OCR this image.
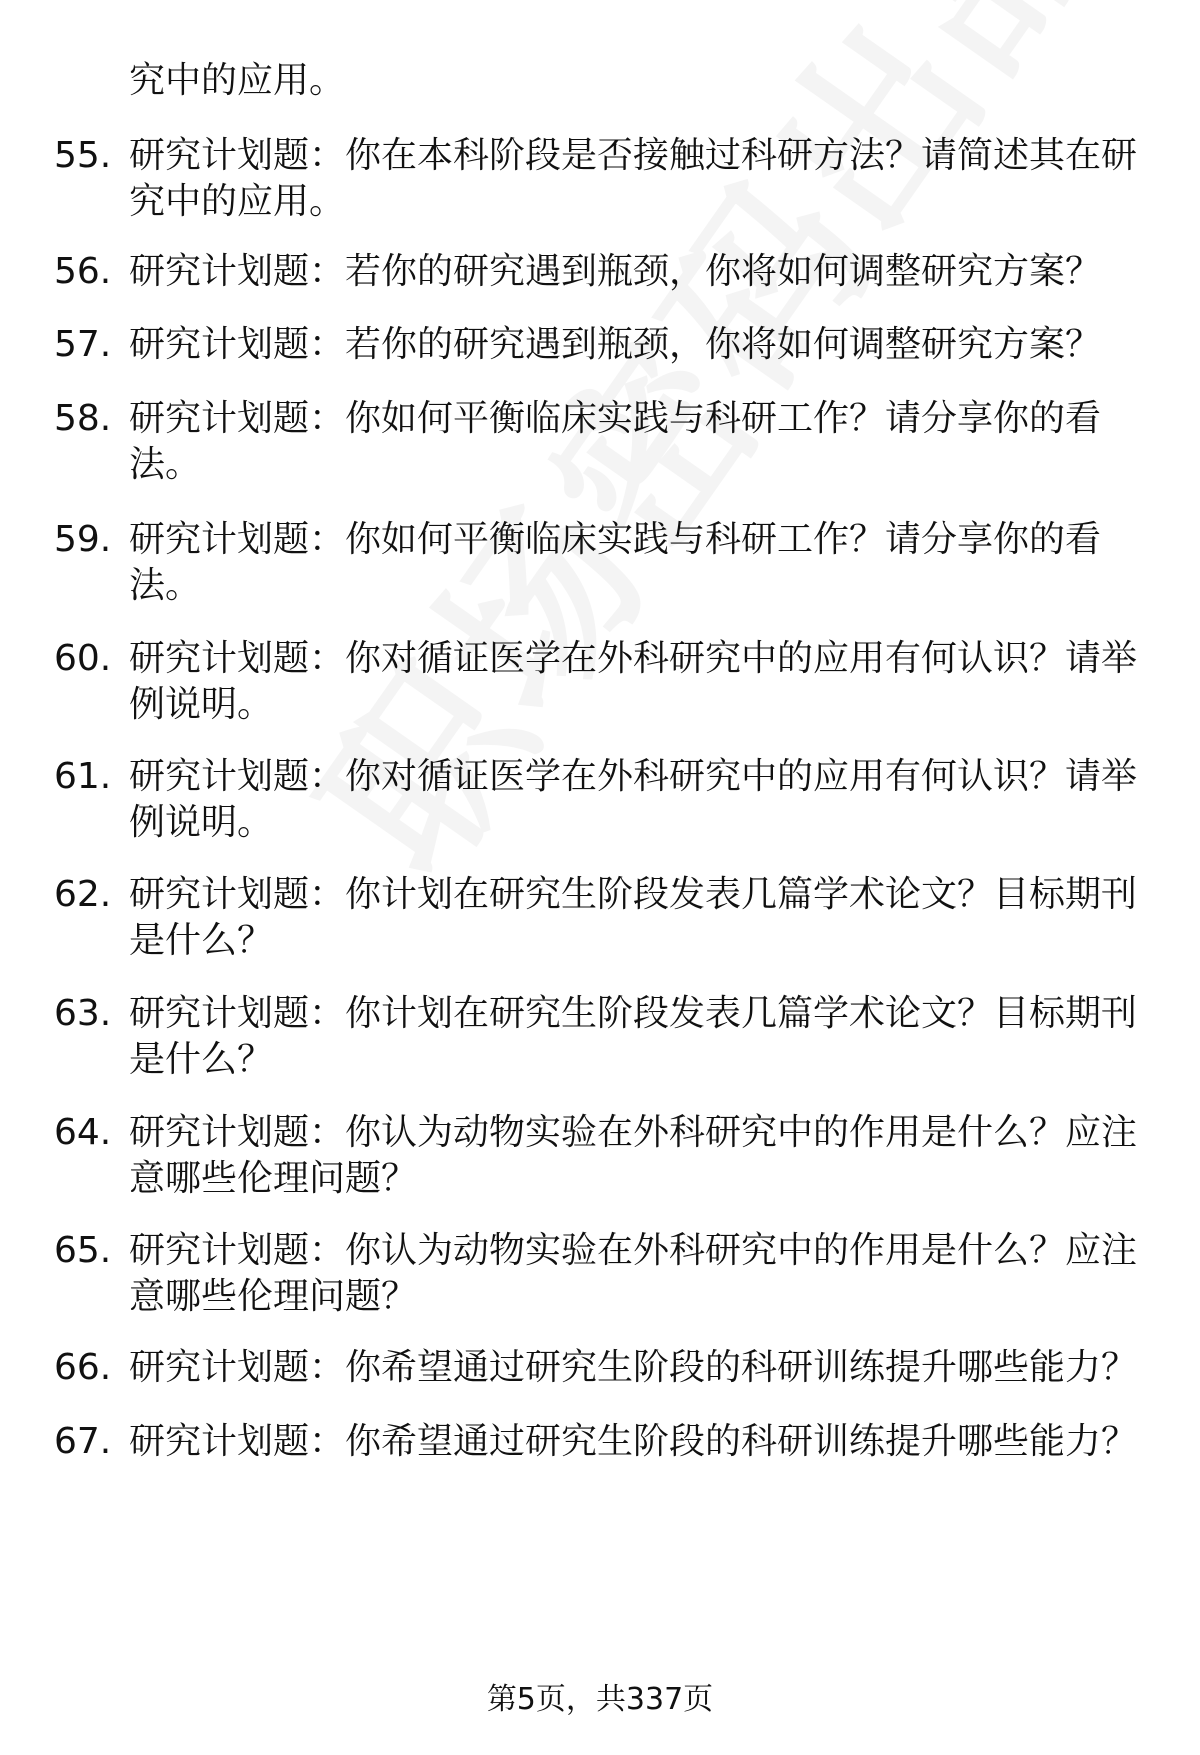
究中的应用。

55. 研究计划题：你在本科阶段是否接触过科研方法？请简述其在研究中的应用。
56. 研究计划题：若你的研究遇到瓶颈，你将如何调整研究方案？
57. 研究计划题：若你的研究遇到瓶颈，你将如何调整研究方案？
58. 研究计划题：你如何平衡临床实践与科研工作？请分享你的看法。
59. 研究计划题：你如何平衡临床实践与科研工作？请分享你的看法。
60. 研究计划题：你对循证医学在外科研究中的应用有何认识？请举例说明。
61. 研究计划题：你对循证医学在外科研究中的应用有何认识？请举例说明。
62. 研究计划题：你计划在研究生阶段发表几篇学术论文？目标期刊是什么？
63. 研究计划题：你计划在研究生阶段发表几篇学术论文？目标期刊是什么？
64. 研究计划题：你认为动物实验在外科研究中的作用是什么？应注意哪些伦理问题？
65. 研究计划题：你认为动物实验在外科研究中的作用是什么？应注意哪些伦理问题？
66. 研究计划题：你希望通过研究生阶段的科研训练提升哪些能力？
67. 研究计划题：你希望通过研究生阶段的科研训练提升哪些能力？
第5页，共337页
